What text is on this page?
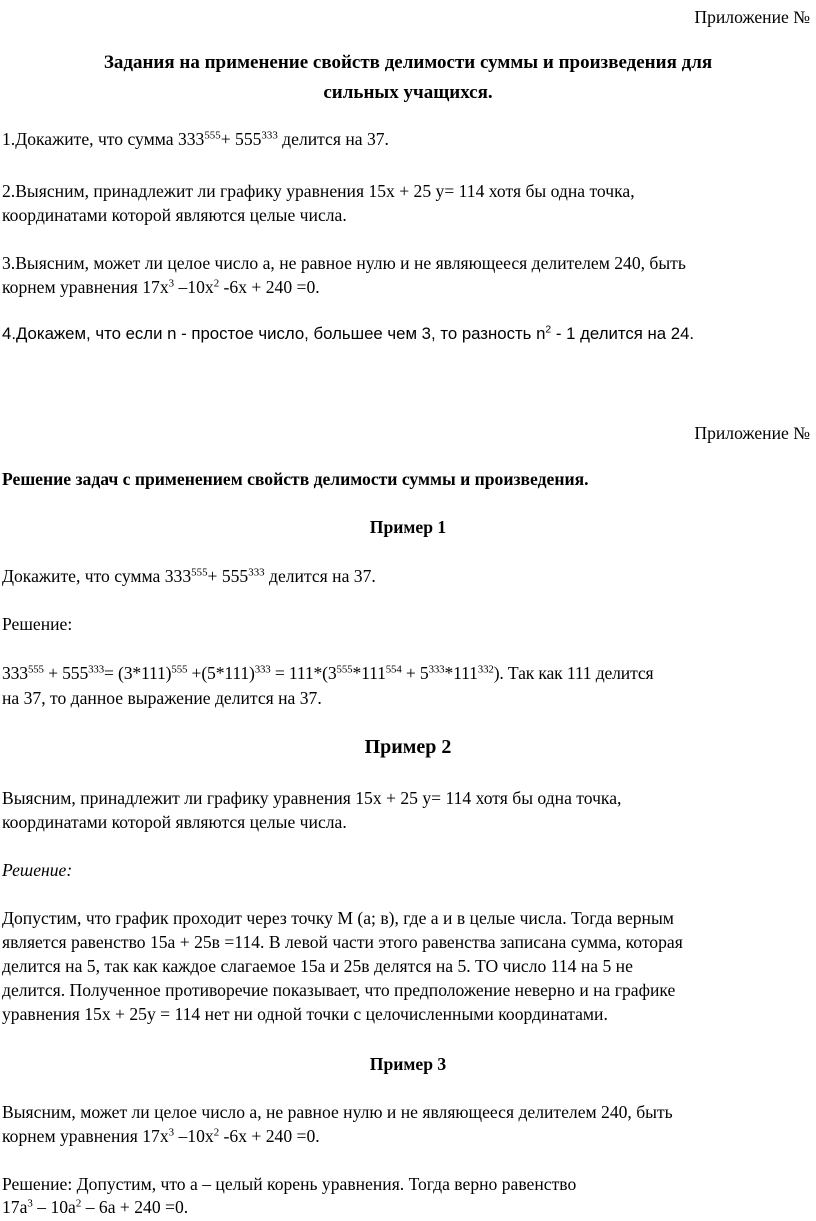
Приложение №
Задания на применение свойств делимости суммы и произведения для
сильных учащихся.
1.Докажите, что сумма $333^{555}+ 555^{333}$ делится на 37.
2.Выясним, принадлежит ли графику уравнения 15x + 25 y= 114 хотя бы одна точка,
координатами которой являются целые числа.
3.Выясним, может ли целое число a, не равное нулю и не являющееся делителем 240, быть
корнем уравнения $17x^3$ $-10x^2$ -6x + 240 =0.
4.Докажем, что если n - простое число, большее чем 3, то разность $n^2 - 1$ делится на 24.
Приложение №
Решение задач с применением свойств делимости суммы и произведения.
Пример 1
Докажите, что сумма $333^{555}+ 555^{333}$ делится на 37.
Решение:
$333^{555} + 555^{333}= (3*111)^{555} +(5*111)^{333} = 111*(3^{555}*111^{554} + 5^{333}*111^{332})$. Так как 111 делится
на 37, то данное выражение делится на 37.
Пример 2
Выясним, принадлежит ли графику уравнения 15x + 25 y= 114 хотя бы одна точка,
координатами которой являются целые числа.
Решение:
Допустим, что график проходит через точку М (а; в), где а и в целые числа. Тогда верным
является равенство 15а + 25в =114. В левой части этого равенства записана сумма, которая
делится на 5, так как каждое слагаемое 15а и 25в делятся на 5. ТО число 114 на 5 не
делится. Полученное противоречие показывает, что предположение неверно и на графике
уравнения 15х + 25у = 114 нет ни одной точки с целочисленными координатами.
Пример 3
Выясним, может ли целое число a, не равное нулю и не являющееся делителем 240, быть
корнем уравнения $17x^3$ $-10x^2$ -6x + 240 =0.
Решение: Допустим, что а – целый корень уравнения. Тогда верно равенство
$17a^3 - 10a^2 - 6a + 240 =0$.
